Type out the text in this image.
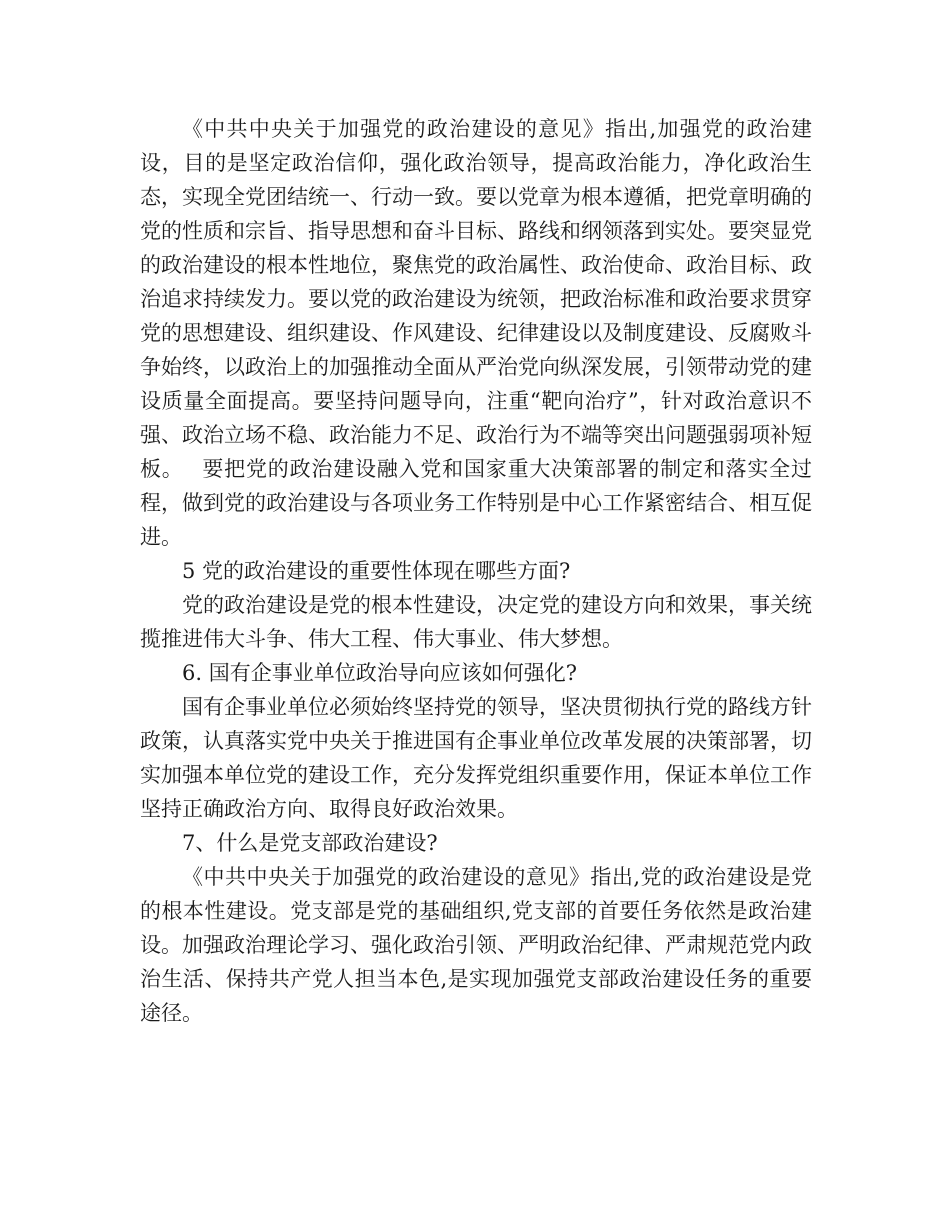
《中共中央关于加强党的政治建设的意见》指出,加强党的政治建设，目的是坚定政治信仰，强化政治领导，提高政治能力，净化政治生态，实现全党团结统一、行动一致。要以党章为根本遵循，把党章明确的党的性质和宗旨、指导思想和奋斗目标、路线和纲领落到实处。要突显党的政治建设的根本性地位，聚焦党的政治属性、政治使命、政治目标、政治追求持续发力。要以党的政治建设为统领，把政治标准和政治要求贯穿党的思想建设、组织建设、作风建设、纪律建设以及制度建设、反腐败斗争始终，以政治上的加强推动全面从严治党向纵深发展，引领带动党的建设质量全面提高。要坚持问题导向，注重“靶向治疗”，针对政治意识不强、政治立场不稳、政治能力不足、政治行为不端等突出问题强弱项补短板。　 要把党的政治建设融入党和国家重大决策部署的制定和落实全过程，做到党的政治建设与各项业务工作特别是中心工作紧密结合、相互促进。

5 党的政治建设的重要性体现在哪些方面?

党的政治建设是党的根本性建设，决定党的建设方向和效果，事关统揽推进伟大斗争、伟大工程、伟大事业、伟大梦想。

6. 国有企事业单位政治导向应该如何强化?

国有企事业单位必须始终坚持党的领导，坚决贯彻执行党的路线方针政策，认真落实党中央关于推进国有企事业单位改革发展的决策部署，切实加强本单位党的建设工作，充分发挥党组织重要作用，保证本单位工作坚持正确政治方向、取得良好政治效果。

7、什么是党支部政治建设?

《中共中央关于加强党的政治建设的意见》指出,党的政治建设是党的根本性建设。党支部是党的基础组织,党支部的首要任务依然是政治建设。加强政治理论学习、强化政治引领、严明政治纪律、严肃规范党内政治生活、保持共产党人担当本色,是实现加强党支部政治建设任务的重要途径。
